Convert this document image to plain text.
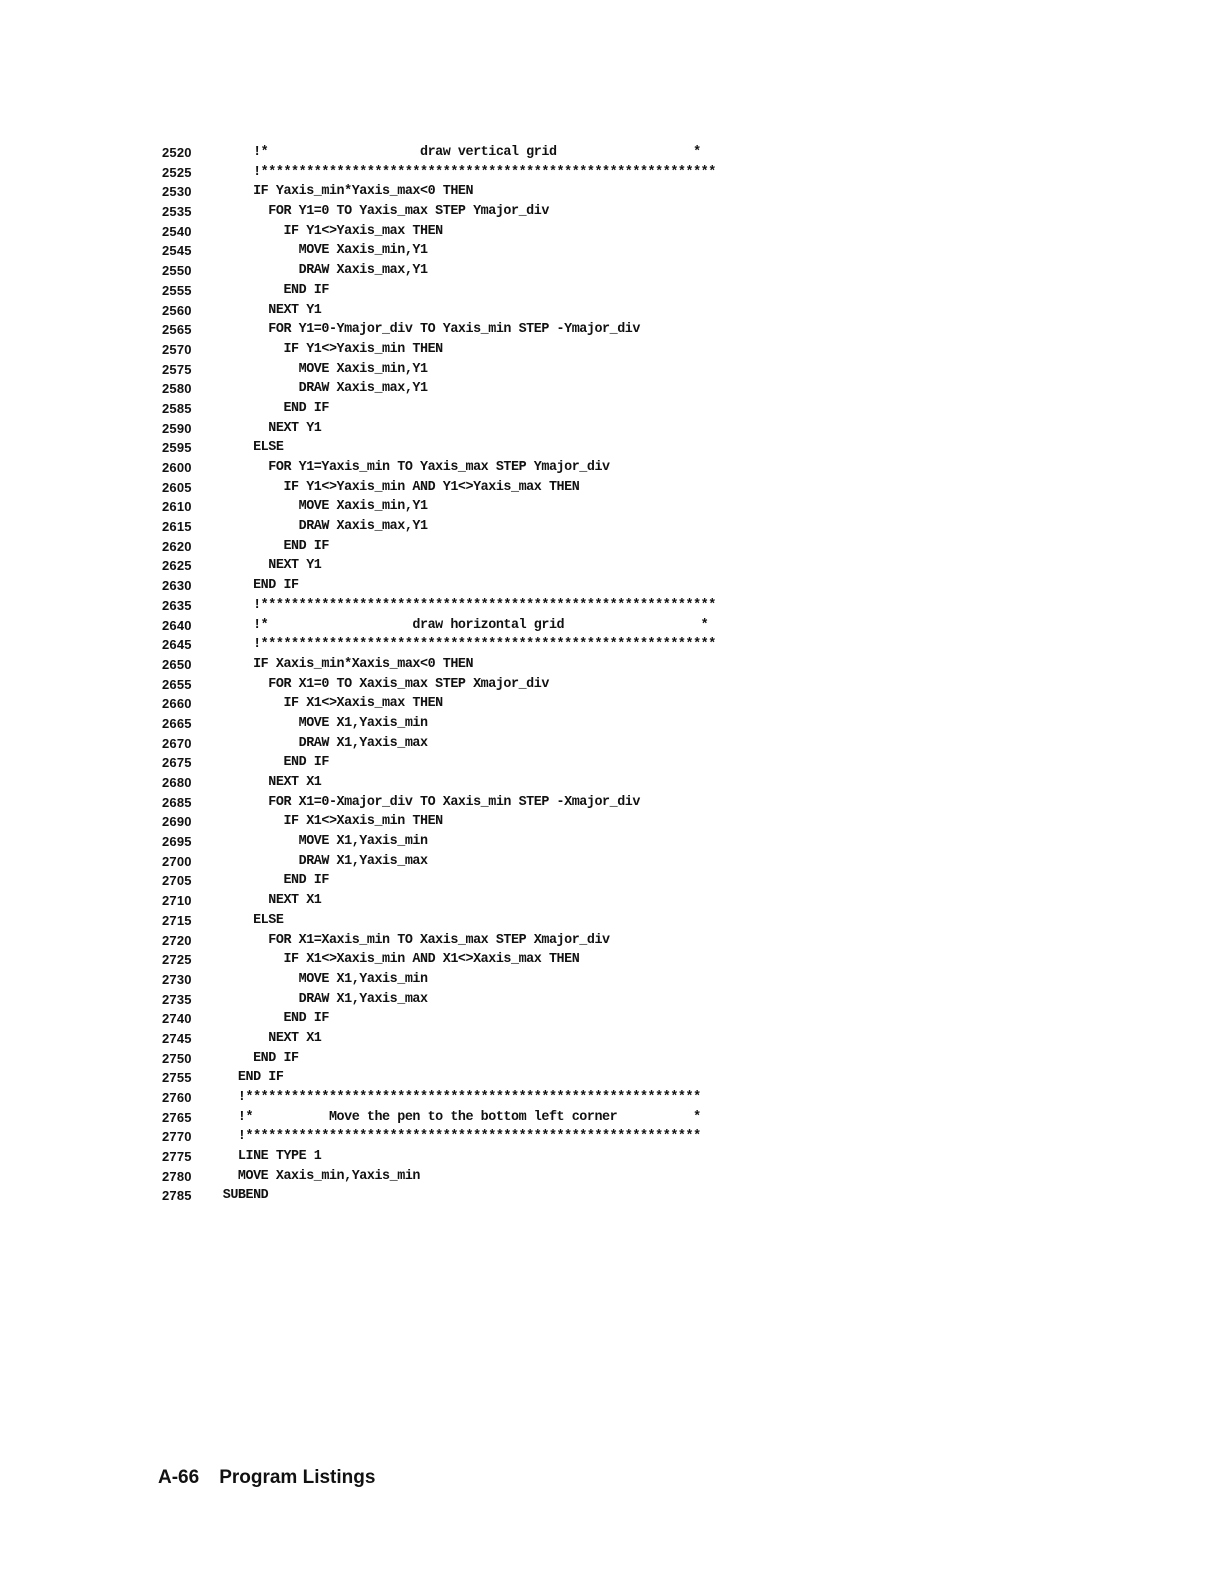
2520 !*                    draw vertical grid                  *
2525 !************************************************************
2530 IF Yaxis_min*Yaxis_max<0 THEN
2535 FOR Y1=0 TO Yaxis_max STEP Ymajor_div
2540 IF Y1<>Yaxis_max THEN
2545 MOVE Xaxis_min,Y1
2550 DRAW Xaxis_max,Y1
2555 END IF
2560 NEXT Y1
2565 FOR Y1=0-Ymajor_div TO Yaxis_min STEP -Ymajor_div
2570 IF Y1<>Yaxis_min THEN
2575 MOVE Xaxis_min,Y1
2580 DRAW Xaxis_max,Y1
2585 END IF
2590 NEXT Y1
2595 ELSE
2600 FOR Y1=Yaxis_min TO Yaxis_max STEP Ymajor_div
2605 IF Y1<>Yaxis_min AND Y1<>Yaxis_max THEN
2610 MOVE Xaxis_min,Y1
2615 DRAW Xaxis_max,Y1
2620 END IF
2625 NEXT Y1
2630 END IF
2635 !************************************************************
2640 !*                   draw horizontal grid                  *
2645 !************************************************************
2650 IF Xaxis_min*Xaxis_max<0 THEN
2655 FOR X1=0 TO Xaxis_max STEP Xmajor_div
2660 IF X1<>Xaxis_max THEN
2665 MOVE X1,Yaxis_min
2670 DRAW X1,Yaxis_max
2675 END IF
2680 NEXT X1
2685 FOR X1=0-Xmajor_div TO Xaxis_min STEP -Xmajor_div
2690 IF X1<>Xaxis_min THEN
2695 MOVE X1,Yaxis_min
2700 DRAW X1,Yaxis_max
2705 END IF
2710 NEXT X1
2715 ELSE
2720 FOR X1=Xaxis_min TO Xaxis_max STEP Xmajor_div
2725 IF X1<>Xaxis_min AND X1<>Xaxis_max THEN
2730 MOVE X1,Yaxis_min
2735 DRAW X1,Yaxis_max
2740 END IF
2745 NEXT X1
2750 END IF
2755 END IF
2760 !************************************************************
2765 !*          Move the pen to the bottom left corner          *
2770 !************************************************************
2775 LINE TYPE 1
2780 MOVE Xaxis_min,Yaxis_min
2785 SUBEND
A-66 Program Listings
